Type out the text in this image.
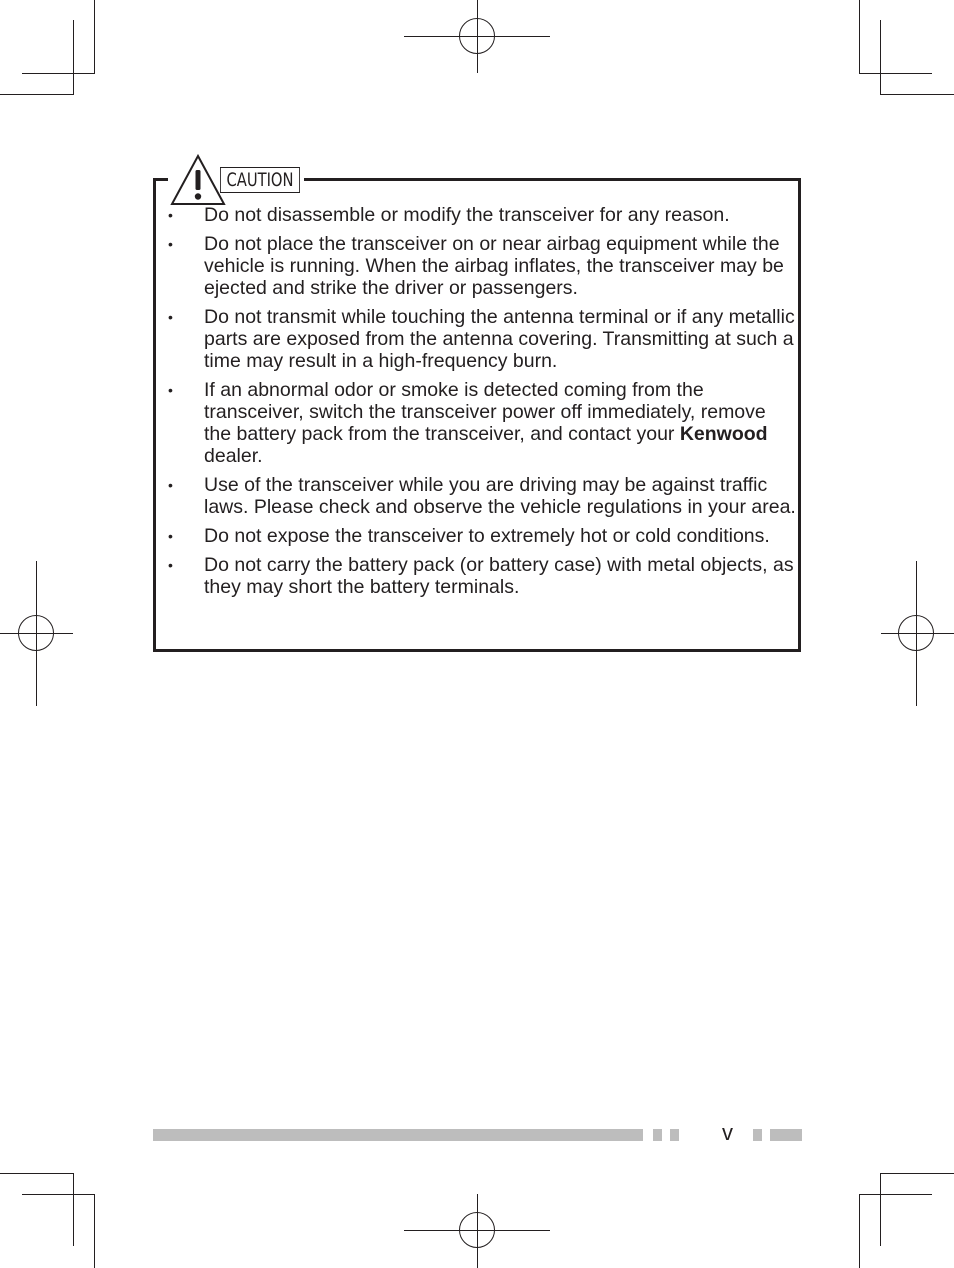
CAUTION
• Do not disassemble or modify the transceiver for any reason.
• Do not place the transceiver on or near airbag equipment while the vehicle is running. When the airbag inflates, the transceiver may be ejected and strike the driver or passengers.
• Do not transmit while touching the antenna terminal or if any metallic parts are exposed from the antenna covering. Transmitting at such a time may result in a high-frequency burn.
• If an abnormal odor or smoke is detected coming from the transceiver, switch the transceiver power off immediately, remove the battery pack from the transceiver, and contact your Kenwood dealer.
• Use of the transceiver while you are driving may be against traffic laws. Please check and observe the vehicle regulations in your area.
• Do not expose the transceiver to extremely hot or cold conditions.
• Do not carry the battery pack (or battery case) with metal objects, as they may short the battery terminals.
v
